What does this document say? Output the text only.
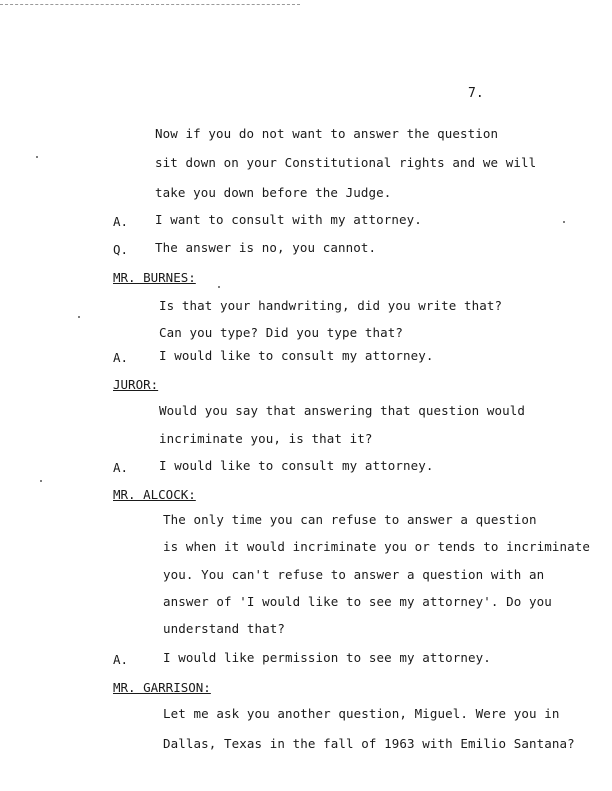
7.
Now if you do not want to answer the question
sit down on your Constitutional rights and we will
take you down before the Judge.
A. I want to consult with my attorney.
Q. The answer is no, you cannot.
MR. BURNES:
Is that your handwriting, did you write that?
Can you type? Did you type that?
A. I would like to consult my attorney.
JUROR:
Would you say that answering that question would
incriminate you, is that it?
A. I would like to consult my attorney.
MR. ALCOCK:
The only time you can refuse to answer a question
is when it would incriminate you or tends to incriminate
you. You can't refuse to answer a question with an
answer of 'I would like to see my attorney'. Do you
understand that?
A.	I would like permission to see my attorney.
MR. GARRISON:
Let me ask you another question, Miguel. Were you in
Dallas, Texas in the fall of 1963 with Emilio Santana?
